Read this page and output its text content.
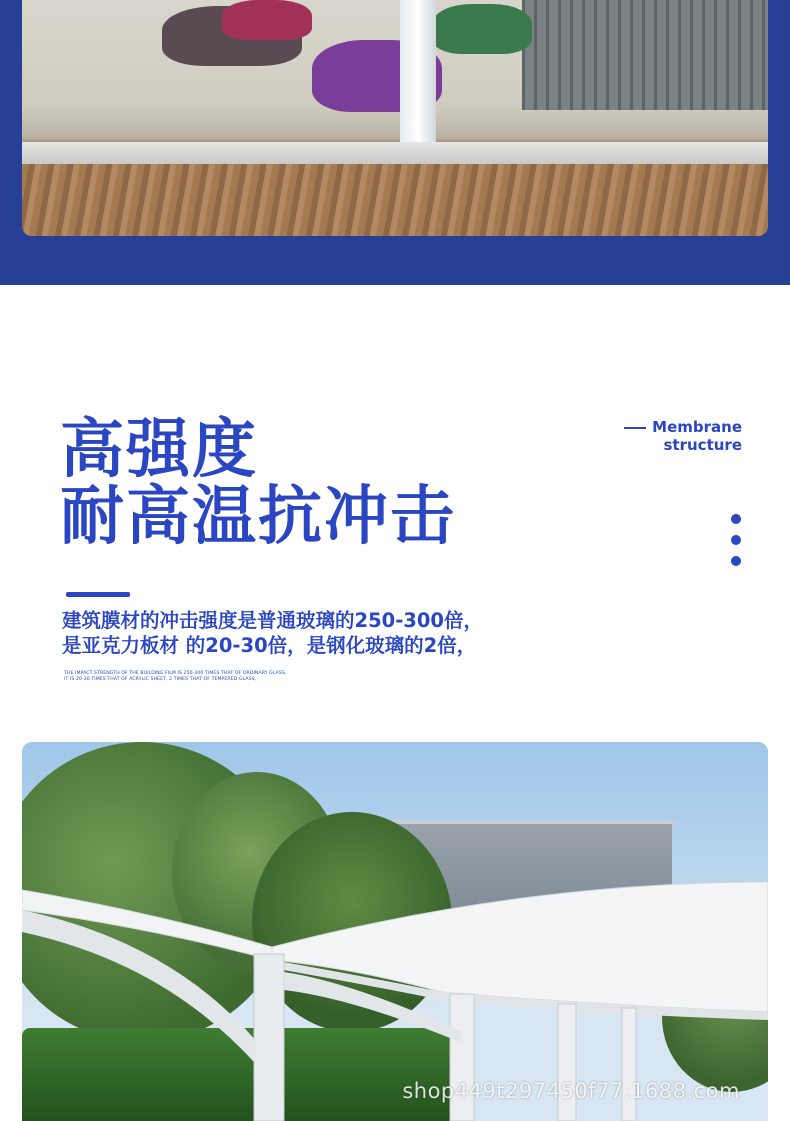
高强度
耐高温抗冲击
Membrane
structure

建筑膜材的冲击强度是普通玻璃的250-300倍，

是亚克力板材 的20-30倍，是钢化玻璃的2倍，

THE IMPACT STRENGTH OF THE BUILDING FILM IS 250-300 TIMES THAT OF ORDINARY GLASS,

IT IS 20-30 TIMES THAT OF ACRYLIC SHEET, 2 TIMES THAT OF TEMPERED GLASS,

shop449t297450f77.1688.com
